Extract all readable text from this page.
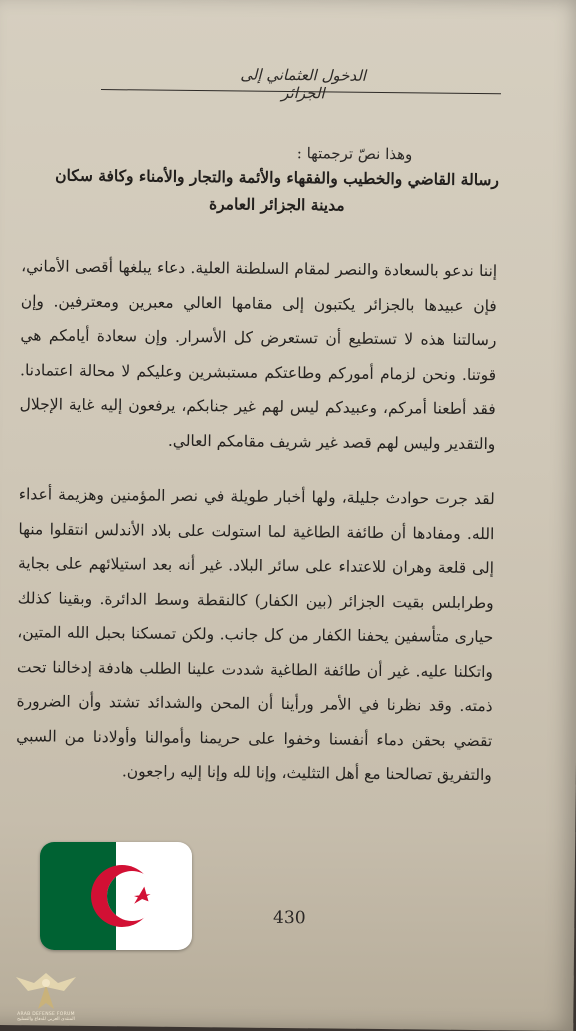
الدخول العثماني إلى الجزائر
وهذا نصّ ترجمتها :
رسالة القاضي والخطيب والفقهاء والأئمة والتجار والأمناء وكافة سكان
مدينة الجزائر العامرة

إننا ندعو بالسعادة والنصر لمقام السلطنة العلية. دعاء يبلغها أقصى الأماني، فإن عبيدها بالجزائر يكتبون إلى مقامها العالي معبرين ومعترفين. وإن رسالتنا هذه لا تستطيع أن تستعرض كل الأسرار. وإن سعادة أيامكم هي قوتنا. ونحن لزمام أموركم وطاعتكم مستبشرين وعليكم لا محالة اعتمادنا. فقد أطعنا أمركم، وعبيدكم ليس لهم غير جنابكم، يرفعون إليه غاية الإجلال والتقدير وليس لهم قصد غير شريف مقامكم العالي.

لقد جرت حوادث جليلة، ولها أخبار طويلة في نصر المؤمنين وهزيمة أعداء الله. ومفادها أن طائفة الطاغية لما استولت على بلاد الأندلس انتقلوا منها إلى قلعة وهران للاعتداء على سائر البلاد. غير أنه بعد استيلائهم على بجاية وطرابلس بقيت الجزائر (بين الكفار) كالنقطة وسط الدائرة. وبقينا كذلك حيارى متأسفين يحفنا الكفار من كل جانب. ولكن تمسكنا بحبل الله المتين، واتكلنا عليه. غير أن طائفة الطاغية شددت علينا الطلب هادفة إدخالنا تحت ذمته. وقد نظرنا في الأمر ورأينا أن المحن والشدائد تشتد وأن الضرورة تقضي بحقن دماء أنفسنا وخفوا على حريمنا وأموالنا وأولادنا من السبي والتفريق تصالحنا مع أهل التثليث، وإنا لله وإنا إليه راجعون.

430
ARAB DEFENSE FORUM
المنتدى العربي للدفاع والتسليح
